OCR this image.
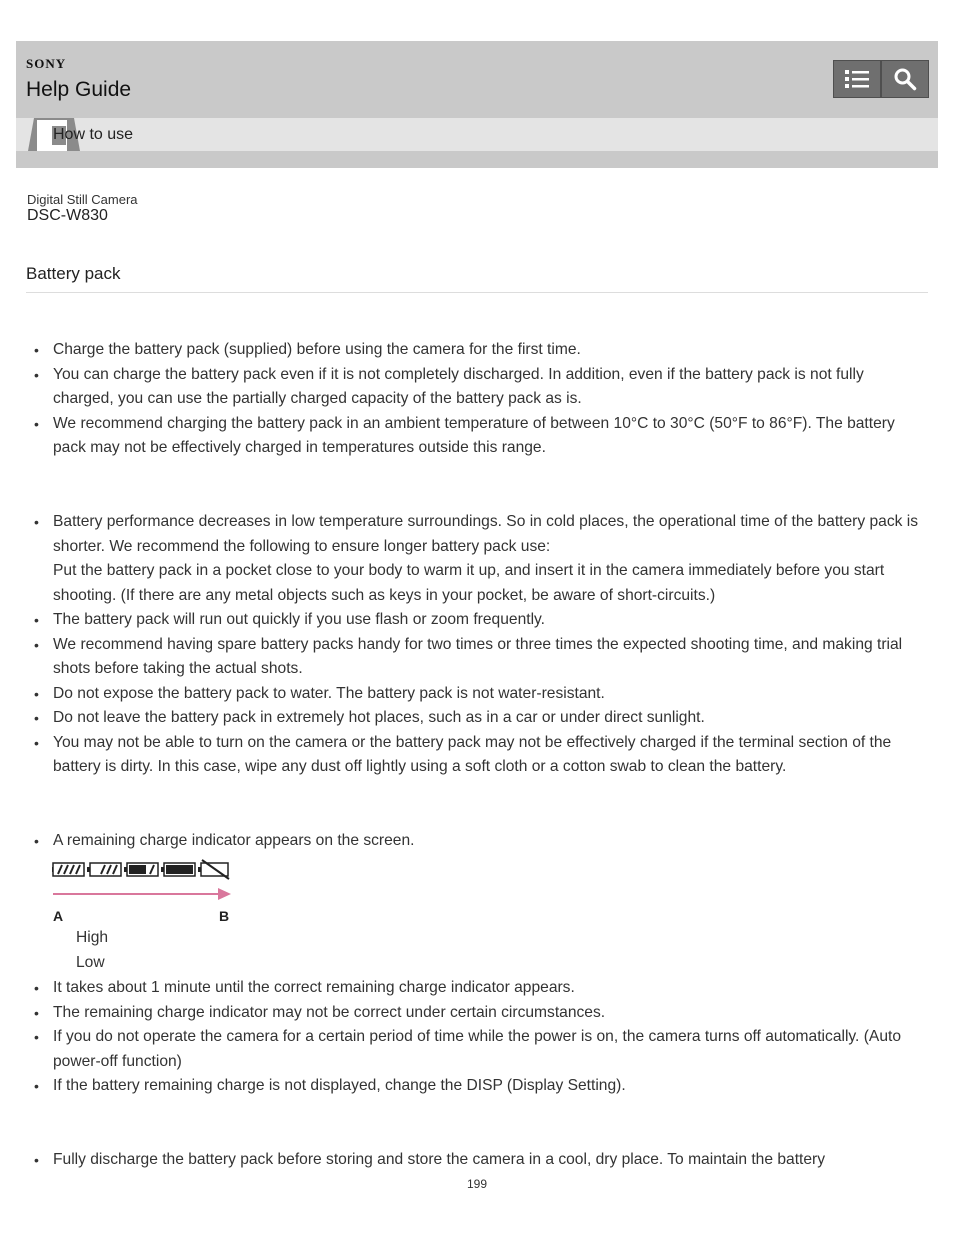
SONY
Help Guide
How to use
Digital Still Camera
DSC-W830
Battery pack
• Charge the battery pack (supplied) before using the camera for the first time.
• You can charge the battery pack even if it is not completely discharged. In addition, even if the battery pack is not fully charged, you can use the partially charged capacity of the battery pack as is.
• We recommend charging the battery pack in an ambient temperature of between 10°C to 30°C (50°F to 86°F). The battery pack may not be effectively charged in temperatures outside this range.
• Battery performance decreases in low temperature surroundings. So in cold places, the operational time of the battery pack is shorter. We recommend the following to ensure longer battery pack use:
Put the battery pack in a pocket close to your body to warm it up, and insert it in the camera immediately before you start shooting. (If there are any metal objects such as keys in your pocket, be aware of short-circuits.)
• The battery pack will run out quickly if you use flash or zoom frequently.
• We recommend having spare battery packs handy for two times or three times the expected shooting time, and making trial shots before taking the actual shots.
• Do not expose the battery pack to water. The battery pack is not water-resistant.
• Do not leave the battery pack in extremely hot places, such as in a car or under direct sunlight.
• You may not be able to turn on the camera or the battery pack may not be effectively charged if the terminal section of the battery is dirty. In this case, wipe any dust off lightly using a soft cloth or a cotton swab to clean the battery.
• A remaining charge indicator appears on the screen.
A	B
High
Low
• It takes about 1 minute until the correct remaining charge indicator appears.
• The remaining charge indicator may not be correct under certain circumstances.
• If you do not operate the camera for a certain period of time while the power is on, the camera turns off automatically. (Auto power-off function)
• If the battery remaining charge is not displayed, change the DISP (Display Setting).
• Fully discharge the battery pack before storing and store the camera in a cool, dry place. To maintain the battery
199
